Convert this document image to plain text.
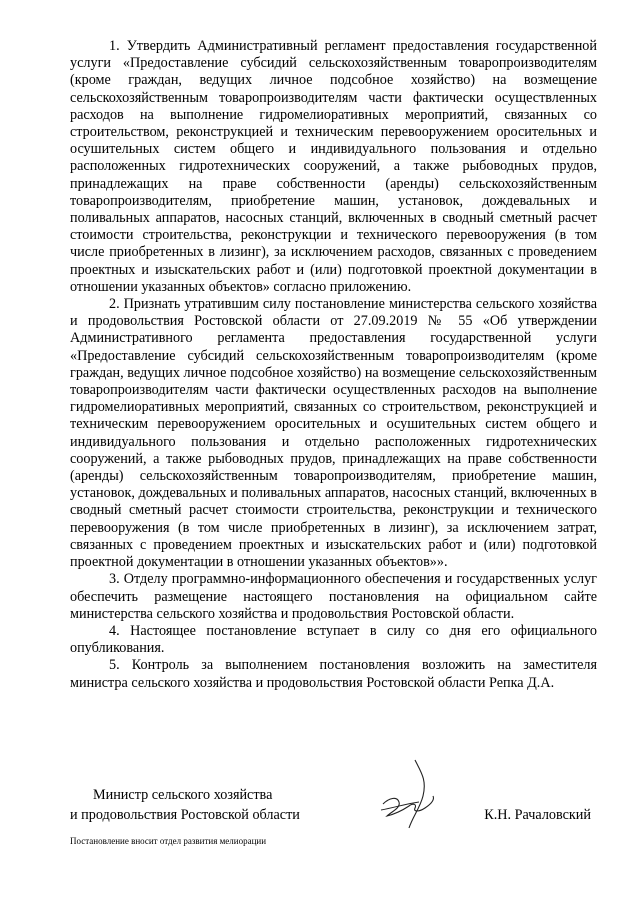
1. Утвердить Административный регламент предоставления государственной услуги «Предоставление субсидий сельскохозяйственным товаропроизводителям (кроме граждан, ведущих личное подсобное хозяйство) на возмещение сельскохозяйственным товаропроизводителям части фактически осуществленных расходов на выполнение гидромелиоративных мероприятий, связанных со строительством, реконструкцией и техническим перевооружением оросительных и осушительных систем общего и индивидуального пользования и отдельно расположенных гидротехнических сооружений, а также рыбоводных прудов, принадлежащих на праве собственности (аренды) сельскохозяйственным товаропроизводителям, приобретение машин, установок, дождевальных и поливальных аппаратов, насосных станций, включенных в сводный сметный расчет стоимости строительства, реконструкции и технического перевооружения (в том числе приобретенных в лизинг), за исключением расходов, связанных с проведением проектных и изыскательских работ и (или) подготовкой проектной документации в отношении указанных объектов» согласно приложению.

2. Признать утратившим силу постановление министерства сельского хозяйства и продовольствия Ростовской области от 27.09.2019 № 55 «Об утверждении Административного регламента предоставления государственной услуги «Предоставление субсидий сельскохозяйственным товаропроизводителям (кроме граждан, ведущих личное подсобное хозяйство) на возмещение сельскохозяйственным товаропроизводителям части фактически осуществленных расходов на выполнение гидромелиоративных мероприятий, связанных со строительством, реконструкцией и техническим перевооружением оросительных и осушительных систем общего и индивидуального пользования и отдельно расположенных гидротехнических сооружений, а также рыбоводных прудов, принадлежащих на праве собственности (аренды) сельскохозяйственным товаропроизводителям, приобретение машин, установок, дождевальных и поливальных аппаратов, насосных станций, включенных в сводный сметный расчет стоимости строительства, реконструкции и технического перевооружения (в том числе приобретенных в лизинг), за исключением затрат, связанных с проведением проектных и изыскательских работ и (или) подготовкой проектной документации в отношении указанных объектов»».

3. Отделу программно-информационного обеспечения и государственных услуг обеспечить размещение настоящего постановления на официальном сайте министерства сельского хозяйства и продовольствия Ростовской области.

4. Настоящее постановление вступает в силу со дня его официального опубликования.

5. Контроль за выполнением постановления возложить на заместителя министра сельского хозяйства и продовольствия Ростовской области Репка Д.А.

Министр сельского хозяйства
и продовольствия Ростовской области	К.Н. Рачаловский
Постановление вносит отдел развития мелиорации
